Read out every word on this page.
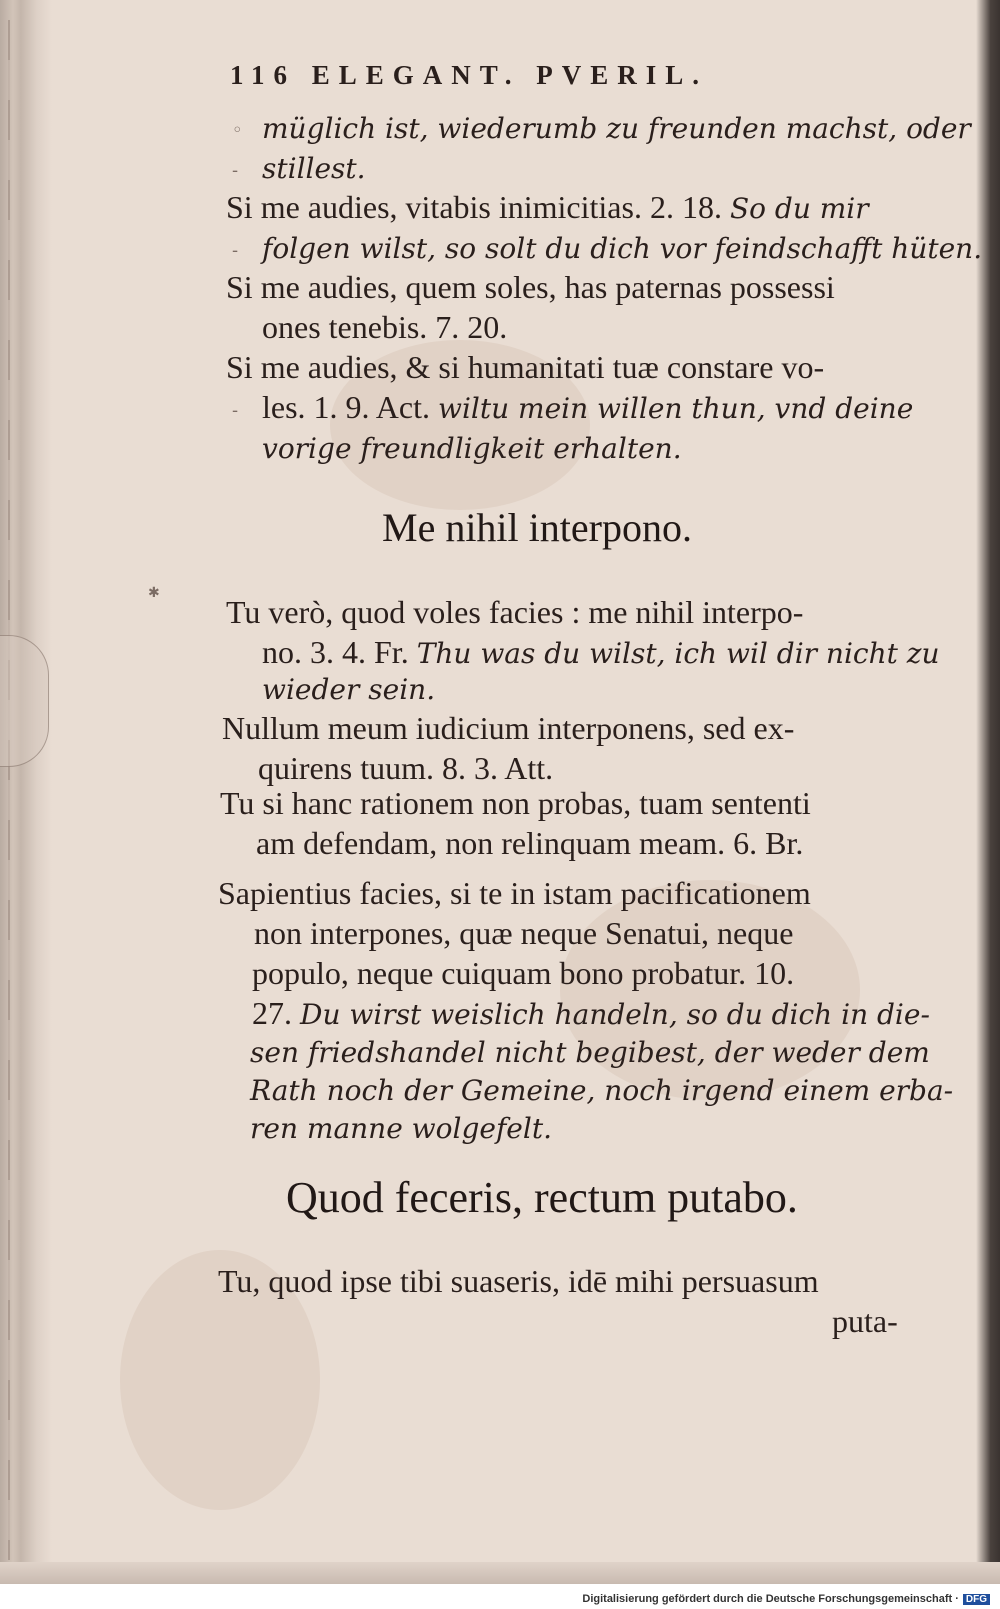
116 ELEGANT. PVERIL.
müglich ist, wiederumb zu freunden machst, oder
stillest.
Si me audies, vitabis inimicitias. 2. 18. So du mir
folgen wilst, so solt du dich vor feindschafft hüten.
Si me audies, quem soles, has paternas possessi
ones tenebis. 7. 20.
Si me audies, & si humanitati tuæ constare vo-
les. 1. 9. Act. wiltu mein willen thun, vnd deine
vorige freundligkeit erhalten.
Me nihil interpono.
Tu verò, quod voles facies : me nihil interpo-
no. 3. 4. Fr. Thu was du wilst, ich wil dir nicht zu
wieder sein.
Nullum meum iudicium interponens, sed ex-
quirens tuum. 8. 3. Att.
Tu si hanc rationem non probas, tuam sententi
am defendam, non relinquam meam. 6. Br.
Sapientius facies, si te in istam pacificationem
non interpones, quæ neque Senatui, neque
populo, neque cuiquam bono probatur. 10.
27. Du wirst weislich handeln, so du dich in die-
sen friedshandel nicht begibest, der weder dem
Rath noch der Gemeine, noch irgend einem erba-
ren manne wolgefelt.
Quod feceris, rectum putabo.
Tu, quod ipse tibi suaseris, idē mihi persuasum
puta-
◦
-
-
-
✱
Digitalisierung gefördert durch die Deutsche Forschungsgemeinschaft · DFG
